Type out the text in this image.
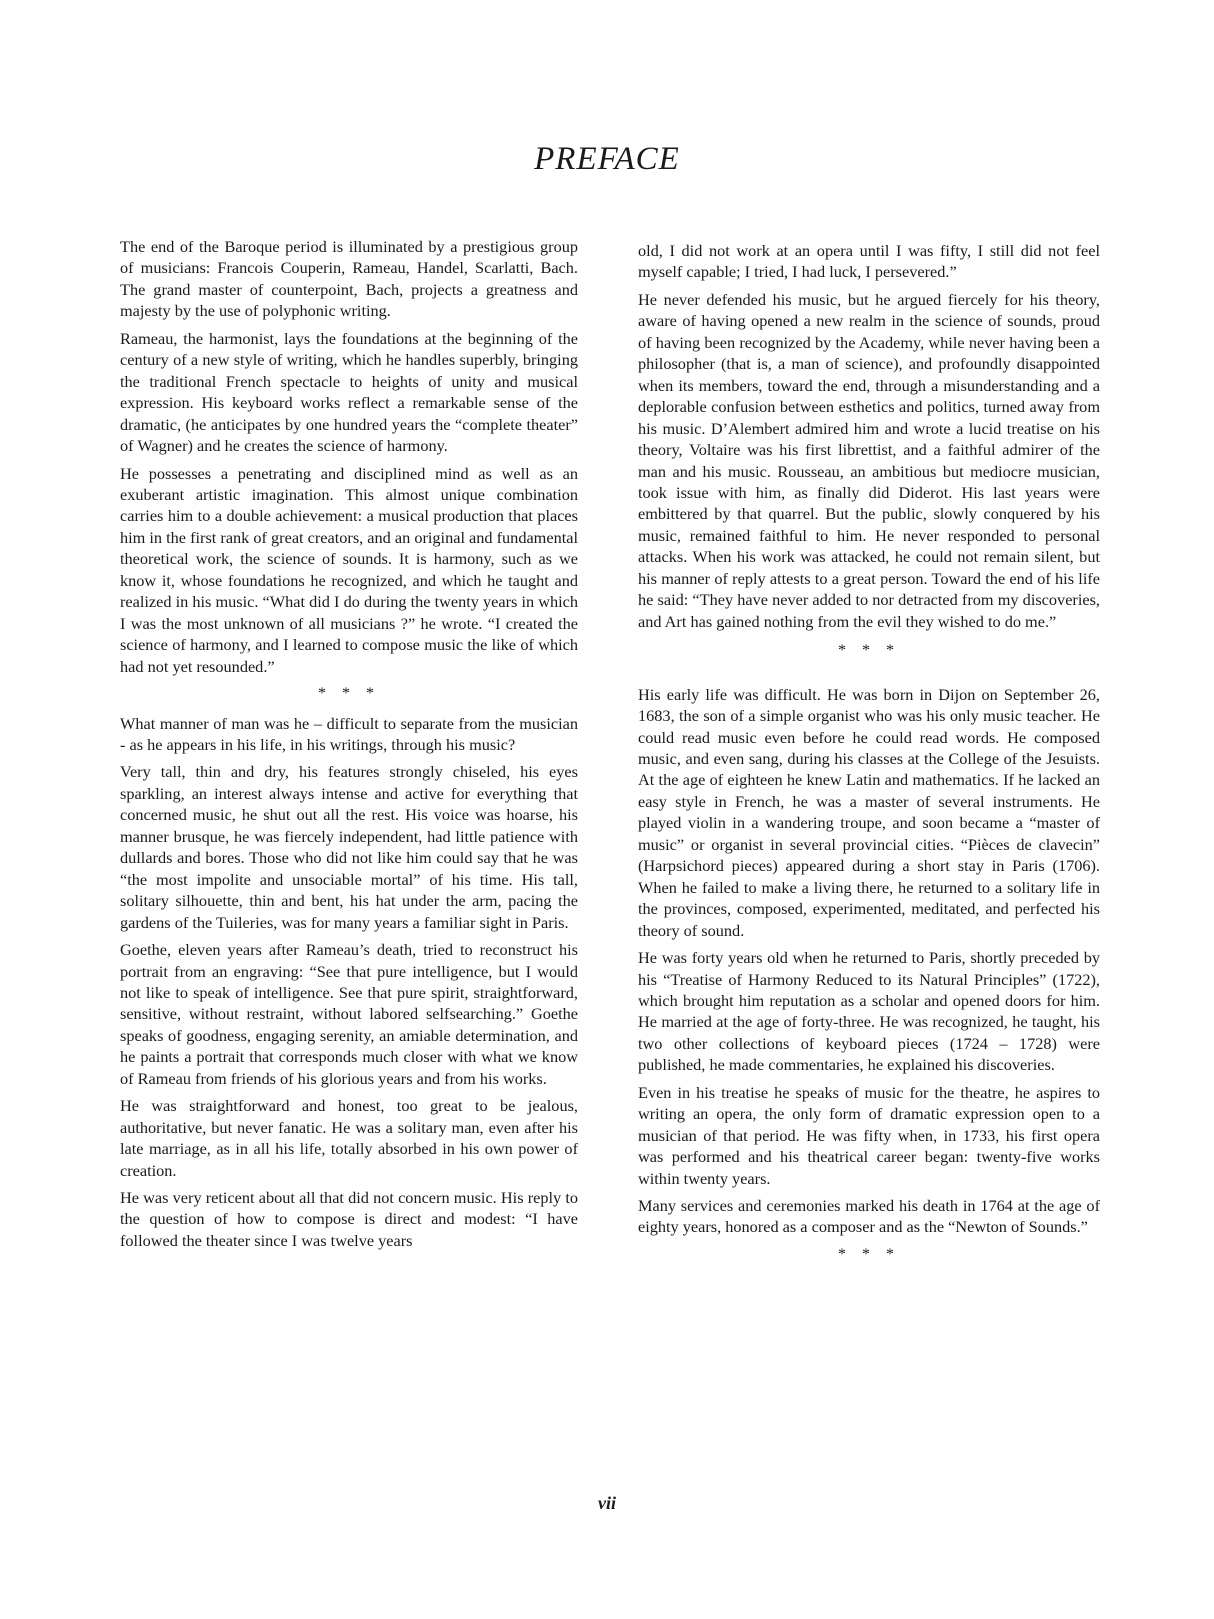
PREFACE

The end of the Baroque period is illuminated by a prestigious group of musicians: Francois Couperin, Rameau, Handel, Scarlatti, Bach. The grand master of counterpoint, Bach, projects a greatness and majesty by the use of polyphonic writing.

Rameau, the harmonist, lays the foundations at the beginning of the century of a new style of writing, which he handles superbly, bringing the traditional French spectacle to heights of unity and musical expression. His keyboard works reflect a remarkable sense of the dramatic, (he anticipates by one hundred years the “complete theater” of Wagner) and he creates the science of harmony.

He possesses a penetrating and disciplined mind as well as an exuberant artistic imagination. This almost unique combination carries him to a double achievement: a musical production that places him in the first rank of great creators, and an original and fundamental theoretical work, the science of sounds. It is harmony, such as we know it, whose foundations he recognized, and which he taught and realized in his music. “What did I do during the twenty years in which I was the most unknown of all musicians ?” he wrote. “I created the science of harmony, and I learned to compose music the like of which had not yet resounded.”

* * *

What manner of man was he – difficult to separate from the musician - as he appears in his life, in his writings, through his music?

Very tall, thin and dry, his features strongly chiseled, his eyes sparkling, an interest always intense and active for everything that concerned music, he shut out all the rest. His voice was hoarse, his manner brusque, he was fiercely independent, had little patience with dullards and bores. Those who did not like him could say that he was “the most impolite and unsociable mortal” of his time. His tall, solitary silhouette, thin and bent, his hat under the arm, pacing the gardens of the Tuileries, was for many years a familiar sight in Paris.

Goethe, eleven years after Rameau’s death, tried to reconstruct his portrait from an engraving: “See that pure intelligence, but I would not like to speak of intelligence. See that pure spirit, straightforward, sensitive, without restraint, without labored selfsearching.” Goethe speaks of goodness, engaging serenity, an amiable determination, and he paints a portrait that corresponds much closer with what we know of Rameau from friends of his glorious years and from his works.

He was straightforward and honest, too great to be jealous, authoritative, but never fanatic. He was a solitary man, even after his late marriage, as in all his life, totally absorbed in his own power of creation.

He was very reticent about all that did not concern music. His reply to the question of how to compose is direct and modest: “I have followed the theater since I was twelve years

old, I did not work at an opera until I was fifty, I still did not feel myself capable; I tried, I had luck, I persevered.”

He never defended his music, but he argued fiercely for his theory, aware of having opened a new realm in the science of sounds, proud of having been recognized by the Academy, while never having been a philosopher (that is, a man of science), and profoundly disappointed when its members, toward the end, through a misunderstanding and a deplorable confusion between esthetics and politics, turned away from his music. D’Alembert admired him and wrote a lucid treatise on his theory, Voltaire was his first librettist, and a faithful admirer of the man and his music. Rousseau, an ambitious but mediocre musician, took issue with him, as finally did Diderot. His last years were embittered by that quarrel. But the public, slowly conquered by his music, remained faithful to him. He never responded to personal attacks. When his work was attacked, he could not remain silent, but his manner of reply attests to a great person. Toward the end of his life he said: “They have never added to nor detracted from my discoveries, and Art has gained nothing from the evil they wished to do me.”

* * *

His early life was difficult. He was born in Dijon on September 26, 1683, the son of a simple organist who was his only music teacher. He could read music even before he could read words. He composed music, and even sang, during his classes at the College of the Jesuists. At the age of eighteen he knew Latin and mathematics. If he lacked an easy style in French, he was a master of several instruments. He played violin in a wandering troupe, and soon became a “master of music” or organist in several provincial cities. “Pièces de clavecin” (Harpsichord pieces) appeared during a short stay in Paris (1706). When he failed to make a living there, he returned to a solitary life in the provinces, composed, experimented, meditated, and perfected his theory of sound.

He was forty years old when he returned to Paris, shortly preceded by his “Treatise of Harmony Reduced to its Natural Principles” (1722), which brought him reputation as a scholar and opened doors for him. He married at the age of forty-three. He was recognized, he taught, his two other collections of keyboard pieces (1724 – 1728) were published, he made commentaries, he explained his discoveries.

Even in his treatise he speaks of music for the theatre, he aspires to writing an opera, the only form of dramatic expression open to a musician of that period. He was fifty when, in 1733, his first opera was performed and his theatrical career began: twenty-five works within twenty years.

Many services and ceremonies marked his death in 1764 at the age of eighty years, honored as a composer and as the “Newton of Sounds.”

* * *
vii
